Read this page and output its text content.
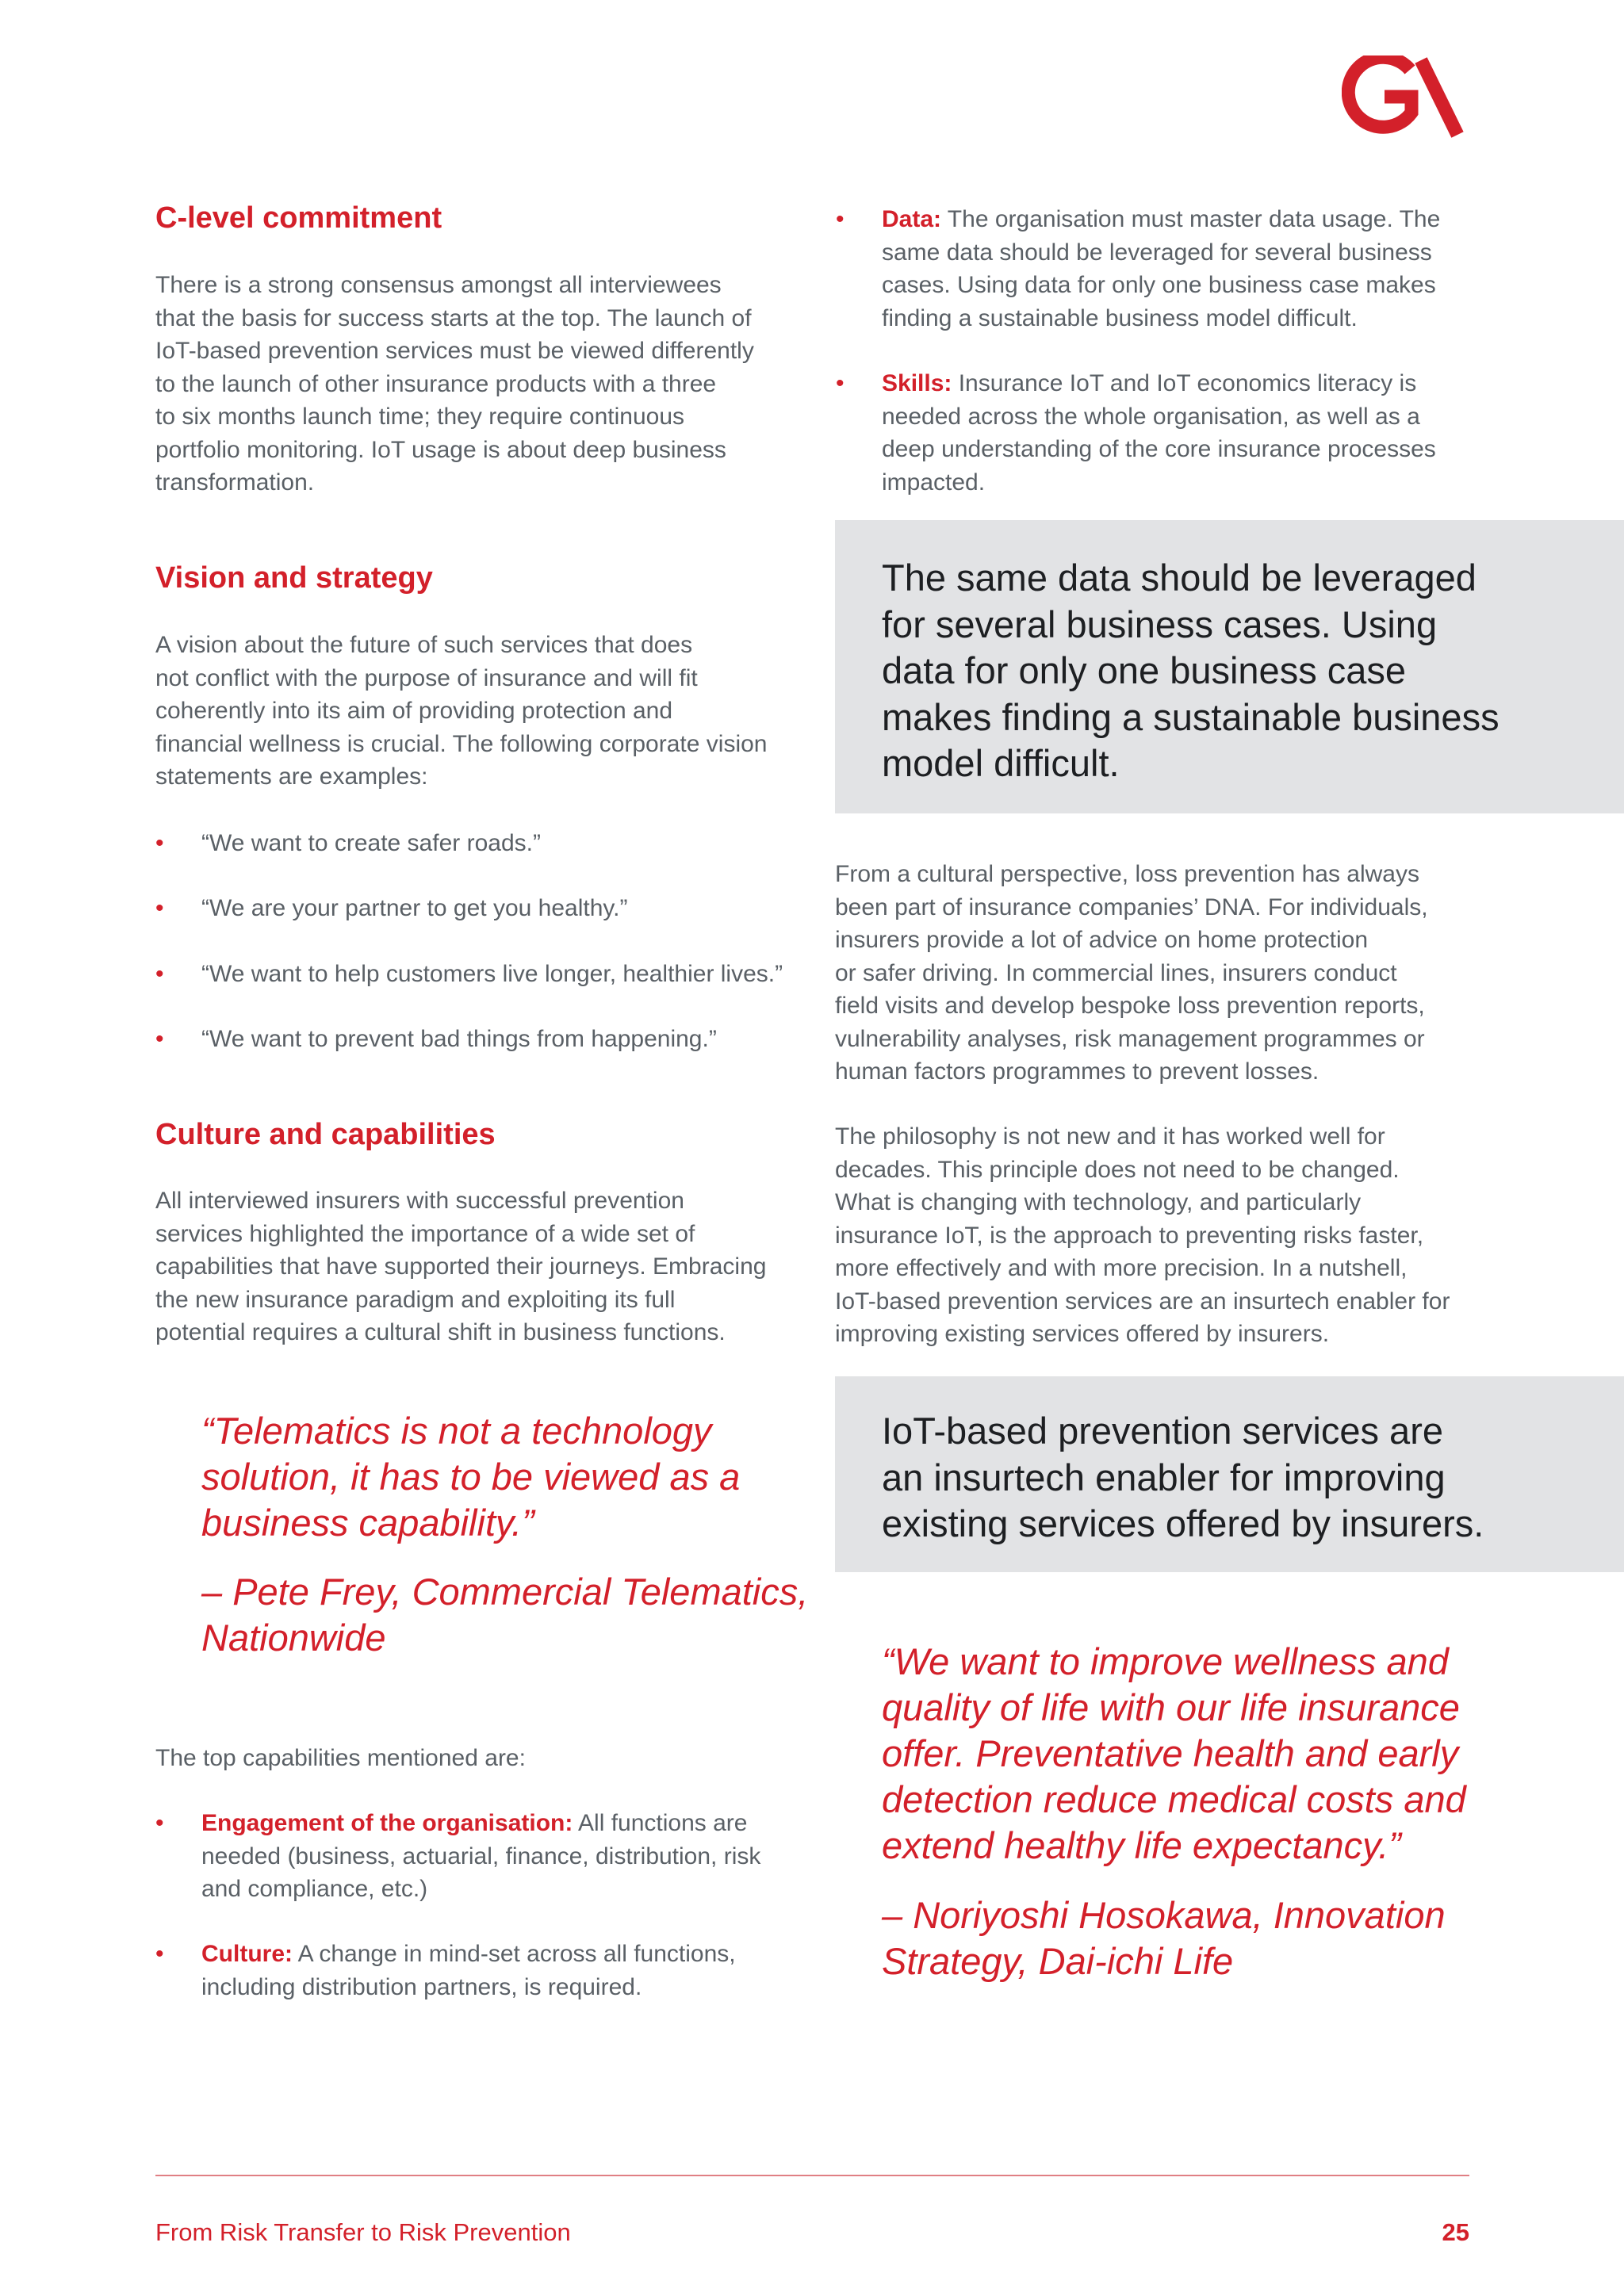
C-level commitment
There is a strong consensus amongst all interviewees
that the basis for success starts at the top. The launch of
IoT-based prevention services must be viewed differently
to the launch of other insurance products with a three
to six months launch time; they require continuous
portfolio monitoring. IoT usage is about deep business
transformation.
Vision and strategy
A vision about the future of such services that does
not conflict with the purpose of insurance and will fit
coherently into its aim of providing protection and
financial wellness is crucial. The following corporate vision
statements are examples:
• “We want to create safer roads.”
• “We are your partner to get you healthy.”
• “We want to help customers live longer, healthier lives.”
• “We want to prevent bad things from happening.”
Culture and capabilities
All interviewed insurers with successful prevention
services highlighted the importance of a wide set of
capabilities that have supported their journeys. Embracing
the new insurance paradigm and exploiting its full
potential requires a cultural shift in business functions.
“Telematics is not a technology
solution, it has to be viewed as a
business capability.”
– Pete Frey, Commercial Telematics,
Nationwide
The top capabilities mentioned are:
• Engagement of the organisation: All functions are
needed (business, actuarial, finance, distribution, risk
and compliance, etc.)
• Culture: A change in mind-set across all functions,
including distribution partners, is required.
• Data: The organisation must master data usage. The
same data should be leveraged for several business
cases. Using data for only one business case makes
finding a sustainable business model difficult.
• Skills: Insurance IoT and IoT economics literacy is
needed across the whole organisation, as well as a
deep understanding of the core insurance processes
impacted.
The same data should be leveraged
for several business cases. Using
data for only one business case
makes finding a sustainable business
model difficult.
From a cultural perspective, loss prevention has always
been part of insurance companies’ DNA. For individuals,
insurers provide a lot of advice on home protection
or safer driving. In commercial lines, insurers conduct
field visits and develop bespoke loss prevention reports,
vulnerability analyses, risk management programmes or
human factors programmes to prevent losses.
The philosophy is not new and it has worked well for
decades. This principle does not need to be changed.
What is changing with technology, and particularly
insurance IoT, is the approach to preventing risks faster,
more effectively and with more precision. In a nutshell,
IoT-based prevention services are an insurtech enabler for
improving existing services offered by insurers.
IoT-based prevention services are
an insurtech enabler for improving
existing services offered by insurers.
“We want to improve wellness and
quality of life with our life insurance
offer. Preventative health and early
detection reduce medical costs and
extend healthy life expectancy.”
– Noriyoshi Hosokawa, Innovation
Strategy, Dai-ichi Life
From Risk Transfer to Risk Prevention	25
